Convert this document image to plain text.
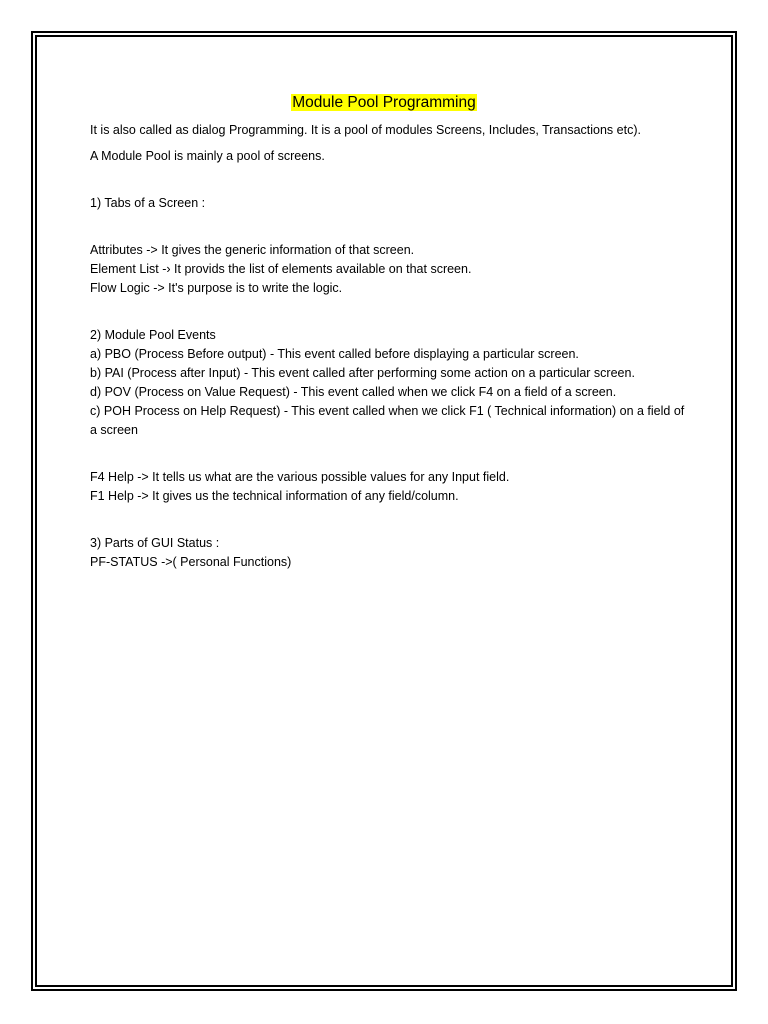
Module Pool Programming
It is also called as dialog Programming. It is a pool of modules Screens, Includes, Transactions etc).
A Module Pool is mainly a pool of screens.
1) Tabs of a Screen :
Attributes -> It gives the generic information of that screen.
Element List -› It provids the list of elements available on that screen.
Flow Logic -> It's purpose is to write the logic.
2) Module Pool Events
a) PBO (Process Before output) - This event called before displaying a particular screen.
b) PAI (Process after Input) - This event called after performing some action on a particular screen.
d) POV (Process on Value Request) - This event called when we click F4 on a field of a screen.
c) POH Process on Help Request) - This event called when we click F1 ( Technical information) on a field of a screen
F4 Help -> It tells us what are the various possible values for any Input field.
F1 Help -> It gives us the technical information of any field/column.
3) Parts of GUI Status :
PF-STATUS ->( Personal Functions)
